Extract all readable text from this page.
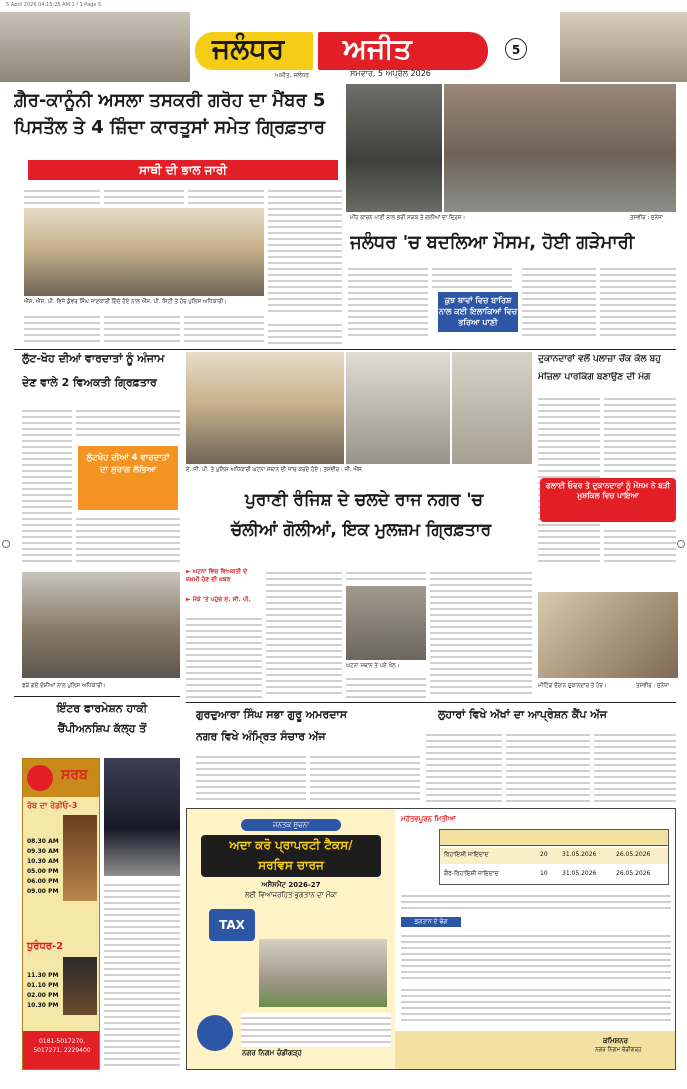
5 April 2026 04:15:25 AM 1 / 1 Page 5
ਜਲੰਧਰ ਅਜੀਤ
ਅਜੀਤ, ਜਲੰਧਰ	ਸੋਮਵਾਰ, 5 ਅਪ੍ਰੈਲ 2026
5
ਗ਼ੈਰ-ਕਾਨੂੰਨੀ ਅਸਲਾ ਤਸਕਰੀ ਗਰੋਹ ਦਾ ਮੈਂਬਰ 5
ਪਿਸਤੌਲ ਤੇ 4 ਜ਼ਿੰਦਾ ਕਾਰਤੂਸਾਂ ਸਮੇਤ ਗ੍ਰਿਫ਼ਤਾਰ
ਸਾਥੀ ਦੀ ਭਾਲ ਜਾਰੀ
ਐੱਸ. ਐੱਸ. ਪੀ. ਵਿਜੇ ਕੁੰਵਰ ਸਿੰਘ ਜਾਣਕਾਰੀ ਦਿੰਦੇ ਹੋਏ ਨਾਲ ਐੱਸ. ਪੀ. ਸਿਟੀ ਤੇ ਹੋਰ ਪੁਲਿਸ ਅਧਿਕਾਰੀ।
ਮੀਂਹ ਕਾਰਨ ਪਾਣੀ ਨਾਲ ਭਰੀ ਸੜਕ ਤੇ ਗਲੀਆਂ ਦਾ ਦ੍ਰਿਸ਼।	ਤਸਵੀਰ : ਜੁਨੇਜਾ
ਜਲੰਧਰ 'ਚ ਬਦਲਿਆ ਮੌਸਮ, ਹੋਈ ਗੜੇਮਾਰੀ
ਕੁਝ ਥਾਵਾਂ ਵਿਚ ਬਾਰਿਸ਼ ਨਾਲ ਕਈ ਇਲਾਕਿਆਂ ਵਿਚ ਭਰਿਆ ਪਾਣੀ
ਲੁੱਟ-ਖੋਹ ਦੀਆਂ ਵਾਰਦਾਤਾਂ ਨੂੰ ਅੰਜਾਮ
ਦੇਣ ਵਾਲੇ 2 ਵਿਅਕਤੀ ਗ੍ਰਿਫ਼ਤਾਰ
ਲੁੱਟਖੋਹ ਦੀਆਂ 4 ਵਾਰਦਾਤਾਂ ਦਾ ਸੁਰਾਗ ਲੱਭਿਆ
ਫੜੇ ਗਏ ਦੋਸ਼ੀਆਂ ਨਾਲ ਪੁਲਿਸ ਅਧਿਕਾਰੀ।
ਏ. ਸੀ. ਪੀ. ਤੇ ਪੁਲਿਸ ਅਧਿਕਾਰੀ ਘਟਨਾ ਸਥਾਨ ਦੀ ਜਾਂਚ ਕਰਦੇ ਹੋਏ। ਤਸਵੀਰ : ਜੀ. ਐੱਸ.
ਪੁਰਾਣੀ ਰੰਜਿਸ਼ ਦੇ ਚਲਦੇ ਰਾਜ ਨਗਰ 'ਚ
ਚੱਲੀਆਂ ਗੋਲੀਆਂ, ਇਕ ਮੁਲਜ਼ਮ ਗ੍ਰਿਫ਼ਤਾਰ
► ਘਟਨਾ ਵਿਚ ਵਿਅਕਤੀ ਦੇ ਜ਼ਖ਼ਮੀ ਹੋਣ ਦੀ ਖ਼ਬਰ
► ਮੌਕੇ 'ਤੇ ਪਹੁੰਚੇ ਏ. ਸੀ. ਪੀ.
ਘਟਨਾ ਸਥਾਨ ਤੇ ਪਏ ਖੋਲ।
ਦੁਕਾਨਦਾਰਾਂ ਵਲੋਂ ਪਲਾਜ਼ਾ ਚੌਂਕ ਕੋਲ ਬਹੁ
ਮੰਜ਼ਿਲਾ ਪਾਰਕਿੰਗ ਬਣਾਉਣ ਦੀ ਮੰਗ
ਫਲਾਈ ਓਵਰ ਤੇ ਦੁਕਾਨਦਾਰਾਂ ਨੂੰ ਮੌਸਮ ਨੇ ਬੜੀ ਮੁਸ਼ਕਿਲ ਵਿਚ ਪਾਇਆ
ਮੀਟਿੰਗ ਦੌਰਾਨ ਦੁਕਾਨਦਾਰ ਤੇ ਹੋਰ।	ਤਸਵੀਰ : ਜੁਨੇਜਾ
ਗੁਰਦੁਆਰਾ ਸਿੰਘ ਸਭਾ ਗੁਰੂ ਅਮਰਦਾਸ
ਨਗਰ ਵਿਖੇ ਅੰਮ੍ਰਿਤ ਸੰਚਾਰ ਅੱਜ
ਲੁਹਾਰਾਂ ਵਿਖੇ ਅੱਖਾਂ ਦਾ ਆਪ੍ਰੇਸ਼ਨ ਕੈਂਪ ਅੱਜ
ਇੰਟਰ ਫਾਰਮੇਸ਼ਨ ਹਾਕੀ
ਚੈਂਪੀਅਨਸ਼ਿਪ ਕੱਲ੍ਹ ਤੋਂ
ਸਰਬ
ਰੱਬ ਦਾ ਰੇਡੀਓ-3
08.30 AM
09.30 AM
10.30 AM
05.00 PM
06.00 PM
09.00 PM
ਧੁਰੰਧਰ-2
11.30 PM
01.10 PM
02.00 PM
10.30 PM
0181-5017270, 5017271, 2229400
ਜਨਤਕ ਸੂਚਨਾ
ਅਦਾ ਕਰੋ ਪ੍ਰਾਪਰਟੀ ਟੈਕਸ/
ਸਰਵਿਸ ਚਾਰਜ
ਅਸੈਸਮੈਂਟ 2026-27
ਲਈ ਵਿਆਜਰਹਿਤ ਭੁਗਤਾਨ ਦਾ ਮੌਕਾ
TAX
ਨਗਰ ਨਿਗਮ ਚੰਡੀਗੜ੍ਹ
ਮਹੱਤਵਪੂਰਨ ਮਿਤੀਆਂ
ਰਿਹਾਇਸ਼ੀ ਜਾਇਦਾਦ	20 31.05.2026	26.05.2026
ਗੈਰ-ਰਿਹਾਇਸ਼ੀ ਜਾਇਦਾਦ	10 31.05.2026	26.05.2026
ਭੁਗਤਾਨ ਦੇ ਢੰਗ
ਕਮਿਸ਼ਨਰ
ਨਗਰ ਨਿਗਮ ਚੰਡੀਗੜ੍ਹ
